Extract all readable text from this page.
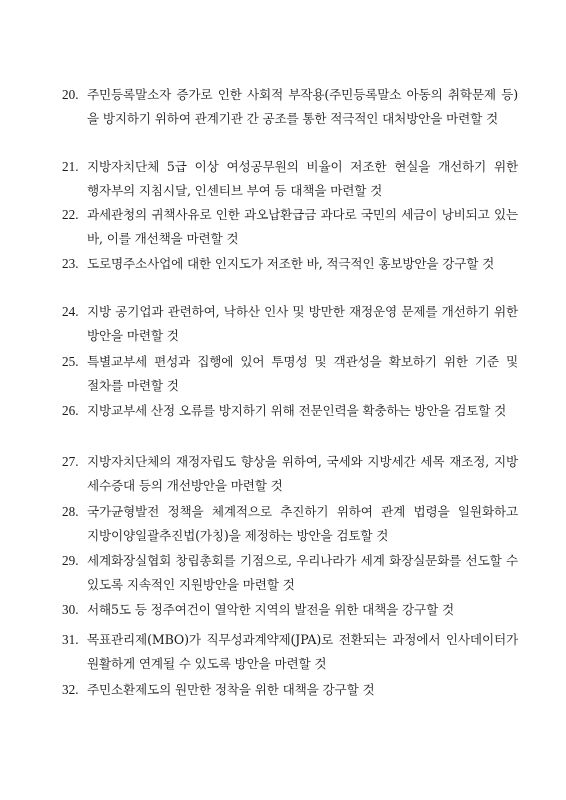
20. 주민등록말소자 증가로 인한 사회적 부작용(주민등록말소 아동의 취학문제 등)을 방지하기 위하여 관계기관 간 공조를 통한 적극적인 대처방안을 마련할 것
21. 지방자치단체 5급 이상 여성공무원의 비율이 저조한 현실을 개선하기 위한 행자부의 지침시달, 인센티브 부여 등 대책을 마련할 것
22. 과세관청의 귀책사유로 인한 과오납환급금 과다로 국민의 세금이 낭비되고 있는 바, 이를 개선책을 마련할 것
23. 도로명주소사업에 대한 인지도가 저조한 바, 적극적인 홍보방안을 강구할 것
24. 지방 공기업과 관련하여, 낙하산 인사 및 방만한 재정운영 문제를 개선하기 위한 방안을 마련할 것
25. 특별교부세 편성과 집행에 있어 투명성 및 객관성을 확보하기 위한 기준 및 절차를 마련할 것
26. 지방교부세 산정 오류를 방지하기 위해 전문인력을 확충하는 방안을 검토할 것
27. 지방자치단체의 재정자립도 향상을 위하여, 국세와 지방세간 세목 재조정, 지방 세수증대 등의 개선방안을 마련할 것
28. 국가균형발전 정책을 체계적으로 추진하기 위하여 관계 법령을 일원화하고 지방이양일괄추진법(가칭)을 제정하는 방안을 검토할 것
29. 세계화장실협회 창립총회를 기점으로, 우리나라가 세계 화장실문화를 선도할 수 있도록 지속적인 지원방안을 마련할 것
30. 서해5도 등 정주여건이 열악한 지역의 발전을 위한 대책을 강구할 것
31. 목표관리제(MBO)가 직무성과계약제(JPA)로 전환되는 과정에서 인사데이터가 원활하게 연계될 수 있도록 방안을 마련할 것
32. 주민소환제도의 원만한 정착을 위한 대책을 강구할 것
